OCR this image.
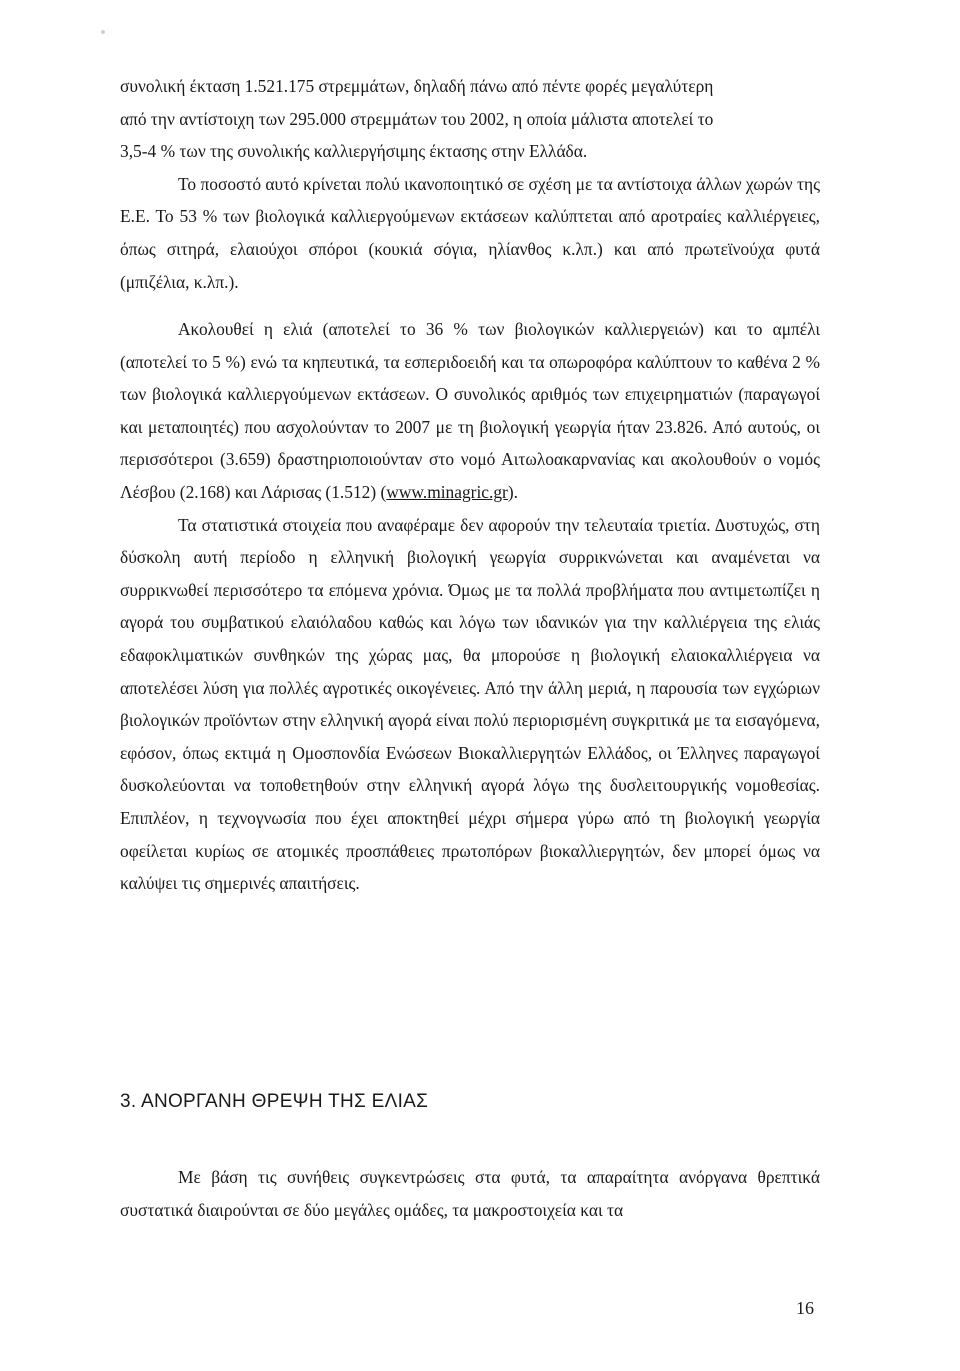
συνολική έκταση 1.521.175 στρεμμάτων, δηλαδή πάνω από πέντε φορές μεγαλύτερη

από την αντίστοιχη των 295.000 στρεμμάτων του 2002, η οποία μάλιστα αποτελεί το

3,5-4 % των της συνολικής καλλιεργήσιμης έκτασης στην Ελλάδα.

Το ποσοστό αυτό κρίνεται πολύ ικανοποιητικό σε σχέση με τα αντίστοιχα άλλων χωρών της Ε.Ε. Το 53 % των βιολογικά καλλιεργούμενων εκτάσεων καλύπτεται από αροτραίες καλλιέργειες, όπως σιτηρά, ελαιούχοι σπόροι (κουκιά σόγια, ηλίανθος κ.λπ.) και από πρωτεϊνούχα φυτά (μπιζέλια, κ.λπ.).

Ακολουθεί η ελιά (αποτελεί το 36 % των βιολογικών καλλιεργειών) και το αμπέλι (αποτελεί το 5 %) ενώ τα κηπευτικά, τα εσπεριδοειδή και τα οπωροφόρα καλύπτουν το καθένα 2 % των βιολογικά καλλιεργούμενων εκτάσεων. Ο συνολικός αριθμός των επιχειρηματιών (παραγωγοί και μεταποιητές) που ασχολούνταν το 2007 με τη βιολογική γεωργία ήταν 23.826. Από αυτούς, οι περισσότεροι (3.659) δραστηριοποιούνταν στο νομό Αιτωλοακαρνανίας και ακολουθούν ο νομός Λέσβου (2.168) και Λάρισας (1.512) (www.minagric.gr).

Τα στατιστικά στοιχεία που αναφέραμε δεν αφορούν την τελευταία τριετία. Δυστυχώς, στη δύσκολη αυτή περίοδο η ελληνική βιολογική γεωργία συρρικνώνεται και αναμένεται να συρρικνωθεί περισσότερο τα επόμενα χρόνια. Όμως με τα πολλά προβλήματα που αντιμετωπίζει η αγορά του συμβατικού ελαιόλαδου καθώς και λόγω των ιδανικών για την καλλιέργεια της ελιάς εδαφοκλιματικών συνθηκών της χώρας μας, θα μπορούσε η βιολογική ελαιοκαλλιέργεια να αποτελέσει λύση για πολλές αγροτικές οικογένειες. Από την άλλη μεριά, η παρουσία των εγχώριων βιολογικών προϊόντων στην ελληνική αγορά είναι πολύ περιορισμένη συγκριτικά με τα εισαγόμενα, εφόσον, όπως εκτιμά η Ομοσπονδία Ενώσεων Βιοκαλλιεργητών Ελλάδος, οι Έλληνες παραγωγοί δυσκολεύονται να τοποθετηθούν στην ελληνική αγορά λόγω της δυσλειτουργικής νομοθεσίας. Επιπλέον, η τεχνογνωσία που έχει αποκτηθεί μέχρι σήμερα γύρω από τη βιολογική γεωργία οφείλεται κυρίως σε ατομικές προσπάθειες πρωτοπόρων βιοκαλλιεργητών, δεν μπορεί όμως να καλύψει τις σημερινές απαιτήσεις.

3. ΑΝΟΡΓΑΝΗ ΘΡΕΨΗ ΤΗΣ ΕΛΙΑΣ

Με βάση τις συνήθεις συγκεντρώσεις στα φυτά, τα απαραίτητα ανόργανα θρεπτικά συστατικά διαιρούνται σε δύο μεγάλες ομάδες, τα μακροστοιχεία και τα

16
